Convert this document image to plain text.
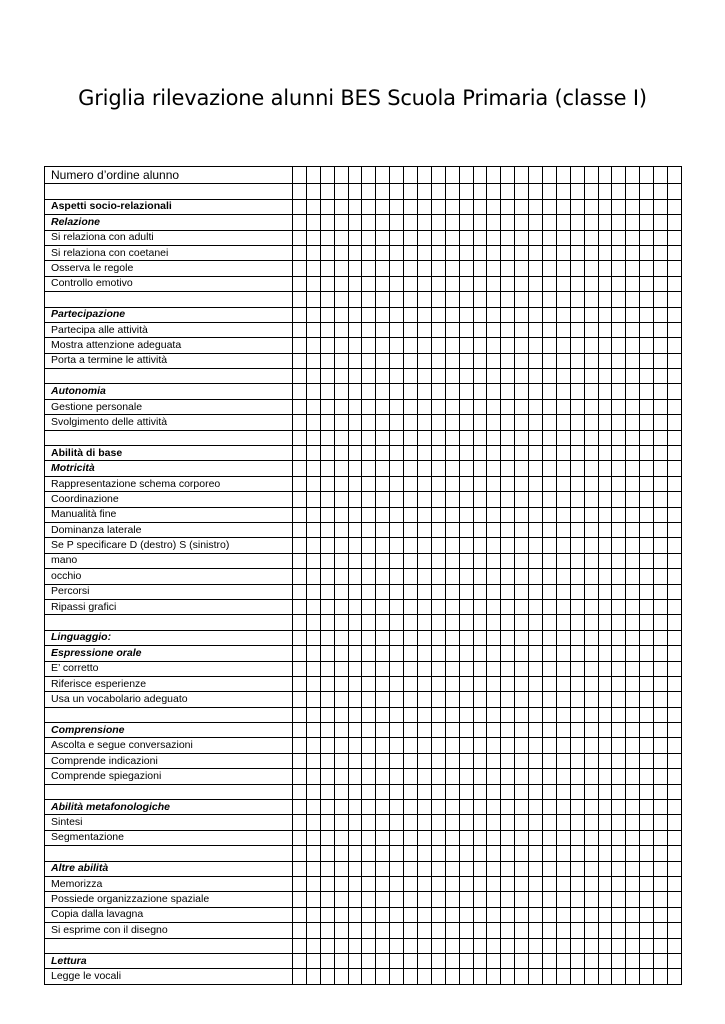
Griglia rilevazione alunni BES Scuola Primaria (classe I)
Numero d’ordine alunno																												

Aspetti socio-relazionali																												
Relazione																												
Si relaziona con adulti																												
Si relaziona con coetanei																												
Osserva le regole																												
Controllo emotivo																												

Partecipazione																												
Partecipa alle attività																												
Mostra attenzione adeguata																												
Porta a termine le attività																												

Autonomia																												
Gestione personale																												
Svolgimento delle attività																												

Abilità di base																												
Motricità																												
Rappresentazione schema corporeo																												
Coordinazione																												
Manualità fine																												
Dominanza laterale																												
Se P specificare D (destro) S (sinistro)																												
mano																												
occhio																												
Percorsi																												
Ripassi grafici																												

Linguaggio:																												
Espressione orale																												
E’ corretto																												
Riferisce esperienze																												
Usa un vocabolario adeguato																												

Comprensione																												
Ascolta e segue conversazioni																												
Comprende indicazioni																												
Comprende spiegazioni																												

Abilità metafonologiche																												
Sintesi																												
Segmentazione																												

Altre abilità																												
Memorizza																												
Possiede organizzazione spaziale																												
Copia dalla lavagna																												
Si esprime con il disegno																												

Lettura																												
Legge le vocali																												
